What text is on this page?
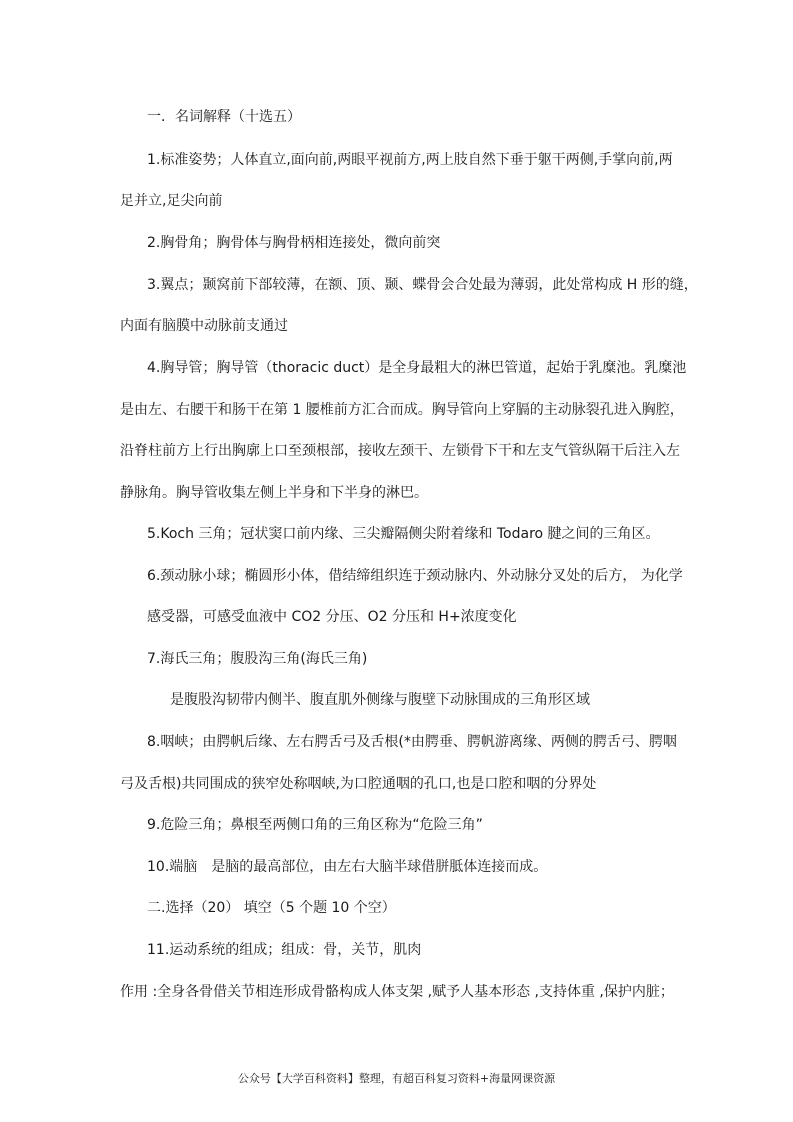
一．名词解释（十选五）
1.标准姿势；人体直立,面向前,两眼平视前方,两上肢自然下垂于躯干两侧,手掌向前,两
足并立,足尖向前
2.胸骨角；胸骨体与胸骨柄相连接处，微向前突
3.翼点；颞窝前下部较薄，在额、顶、颞、蝶骨会合处最为薄弱，此处常构成 H 形的缝，
内面有脑膜中动脉前支通过
4.胸导管；胸导管（thoracic duct）是全身最粗大的淋巴管道，起始于乳糜池。乳糜池
是由左、右腰干和肠干在第 1 腰椎前方汇合而成。胸导管向上穿膈的主动脉裂孔进入胸腔，
沿脊柱前方上行出胸廓上口至颈根部，接收左颈干、左锁骨下干和左支气管纵隔干后注入左
静脉角。胸导管收集左侧上半身和下半身的淋巴。
5.Koch 三角；冠状窦口前内缘、三尖瓣隔侧尖附着缘和 Todaro 腱之间的三角区。
6.颈动脉小球；椭圆形小体，借结缔组织连于颈动脉内、外动脉分叉处的后方， 为化学
感受器，可感受血液中 CO2 分压、O2 分压和 H+浓度变化
7.海氏三角；腹股沟三角(海氏三角)
是腹股沟韧带内侧半、腹直肌外侧缘与腹壁下动脉围成的三角形区域
8.咽峡；由腭帆后缘、左右腭舌弓及舌根(*由腭垂、腭帆游离缘、两侧的腭舌弓、腭咽
弓及舌根)共同围成的狭窄处称咽峡,为口腔通咽的孔口,也是口腔和咽的分界处
9.危险三角；鼻根至两侧口角的三角区称为“危险三角”
10.端脑　是脑的最高部位，由左右大脑半球借胼胝体连接而成。
二.选择（20） 填空（5 个题 10 个空）
11.运动系统的组成；组成：骨，关节，肌肉
作用 :全身各骨借关节相连形成骨骼构成人体支架 ,赋予人基本形态 ,支持体重 ,保护内脏；
公众号【大学百科资料】整理，有超百科复习资料+海量网课资源
